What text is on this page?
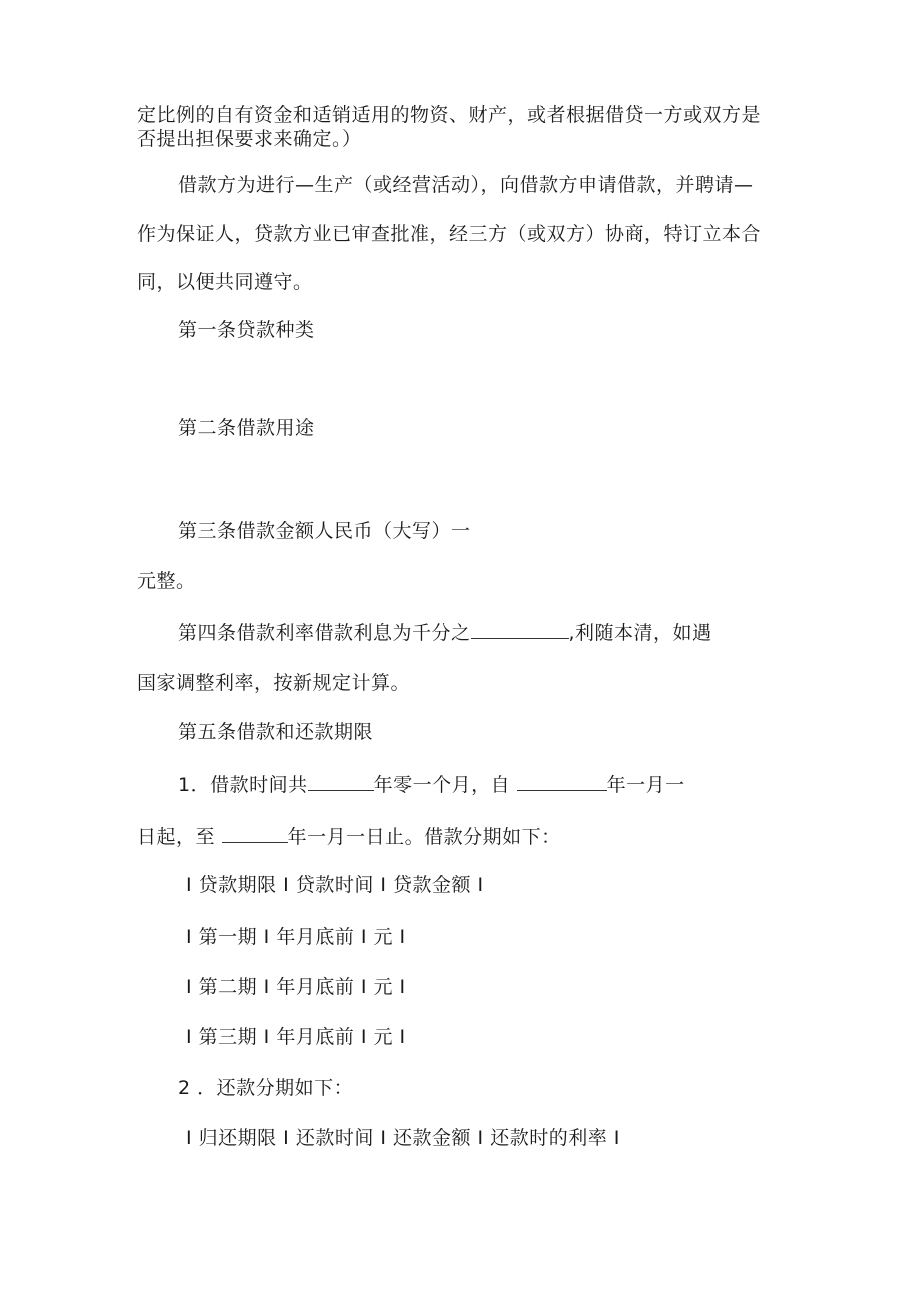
定比例的自有资金和适销适用的物资、财产，或者根据借贷一方或双方是
否提出担保要求来确定。）
借款方为进行—生产（或经营活动），向借款方申请借款，并聘请—
作为保证人，贷款方业已审查批准，经三方（或双方）协商，特订立本合
同，以便共同遵守。
第一条贷款种类
第二条借款用途
第三条借款金额人民币（大写）一
元整。
第四条借款利率借款利息为千分之	,利随本清，如遇
国家调整利率，按新规定计算。
第五条借款和还款期限
1．借款时间共	年零一个月，自	年一月一
日起，至	年一月一日止。借款分期如下：
I 贷款期限 I 贷款时间 I 贷款金额 I
I 第一期 I 年月底前 I 元 I
I 第二期 I 年月底前 I 元 I
I 第三期 I 年月底前 I 元 I
2 ．还款分期如下：
I 归还期限 I 还款时间 I 还款金额 I 还款时的利率 I
